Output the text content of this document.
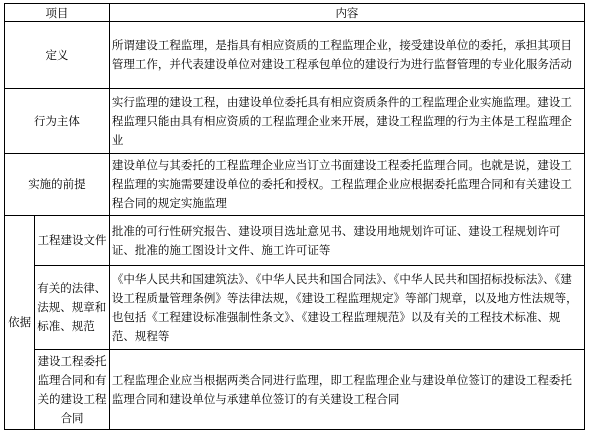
项目		内容
定义		所谓建设工程监理，是指具有相应资质的工程监理企业，接受建设单位的委托，承担其项目管理工作，并代表建设单位对建设工程承包单位的建设行为进行监督管理的专业化服务活动
行为主体		实行监理的建设工程，由建设单位委托具有相应资质条件的工程监理企业实施监理。建设工程监理只能由具有相应资质的工程监理企业来开展，建设工程监理的行为主体是工程监理企业
实施的前提		建设单位与其委托的工程监理企业应当订立书面建设工程委托监理合同。也就是说，建设工程监理的实施需要建设单位的委托和授权。工程监理企业应根据委托监理合同和有关建设工程合同的规定实施监理
依据	工程建设文件	批准的可行性研究报告、建设项目选址意见书、建设用地规划许可证、建设工程规划许可证、批准的施工图设计文件、施工许可证等
	有关的法律、法规、规章和标准、规范	《中华人民共和国建筑法》、《中华人民共和国合同法》、《中华人民共和国招标投标法》、《建设工程质量管理条例》等法律法规，《建设工程监理规定》等部门规章，以及地方性法规等，也包括《工程建设标准强制性条文》、《建设工程监理规范》以及有关的工程技术标准、规范、规程等
	建设工程委托监理合同和有关的建设工程合同	工程监理企业应当根据两类合同进行监理，即工程监理企业与建设单位签订的建设工程委托监理合同和建设单位与承建单位签订的有关建设工程合同
